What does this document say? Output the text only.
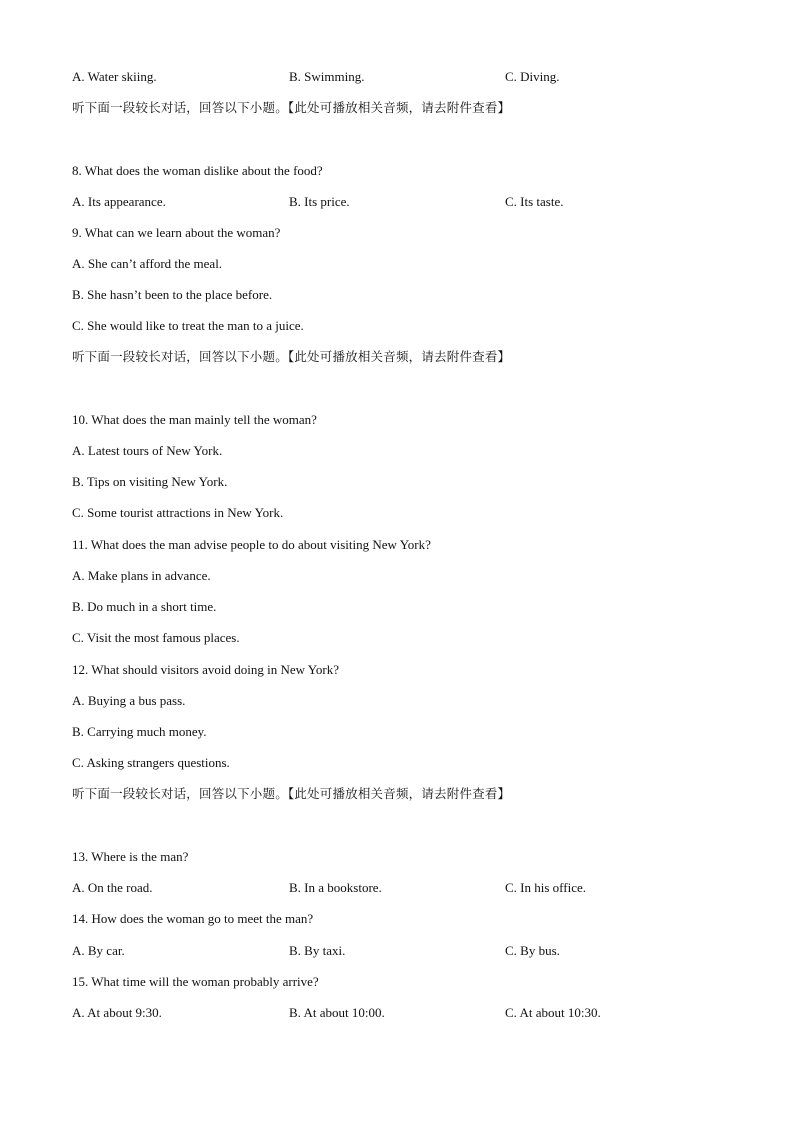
A. Water skiing.	B. Swimming.	C. Diving.
听下面一段较长对话，回答以下小题。【此处可播放相关音频，请去附件查看】
8. What does the woman dislike about the food?
A. Its appearance.	B. Its price.	C. Its taste.
9. What can we learn about the woman?
A. She can’t afford the meal.
B. She hasn’t been to the place before.
C. She would like to treat the man to a juice.
听下面一段较长对话，回答以下小题。【此处可播放相关音频，请去附件查看】
10. What does the man mainly tell the woman?
A. Latest tours of New York.
B. Tips on visiting New York.
C. Some tourist attractions in New York.
11. What does the man advise people to do about visiting New York?
A. Make plans in advance.
B. Do much in a short time.
C. Visit the most famous places.
12. What should visitors avoid doing in New York?
A. Buying a bus pass.
B. Carrying much money.
C. Asking strangers questions.
听下面一段较长对话，回答以下小题。【此处可播放相关音频，请去附件查看】
13. Where is the man?
A. On the road.	B. In a bookstore.	C. In his office.
14. How does the woman go to meet the man?
A. By car.	B. By taxi.	C. By bus.
15. What time will the woman probably arrive?
A. At about 9:30.	B. At about 10:00.	C. At about 10:30.
